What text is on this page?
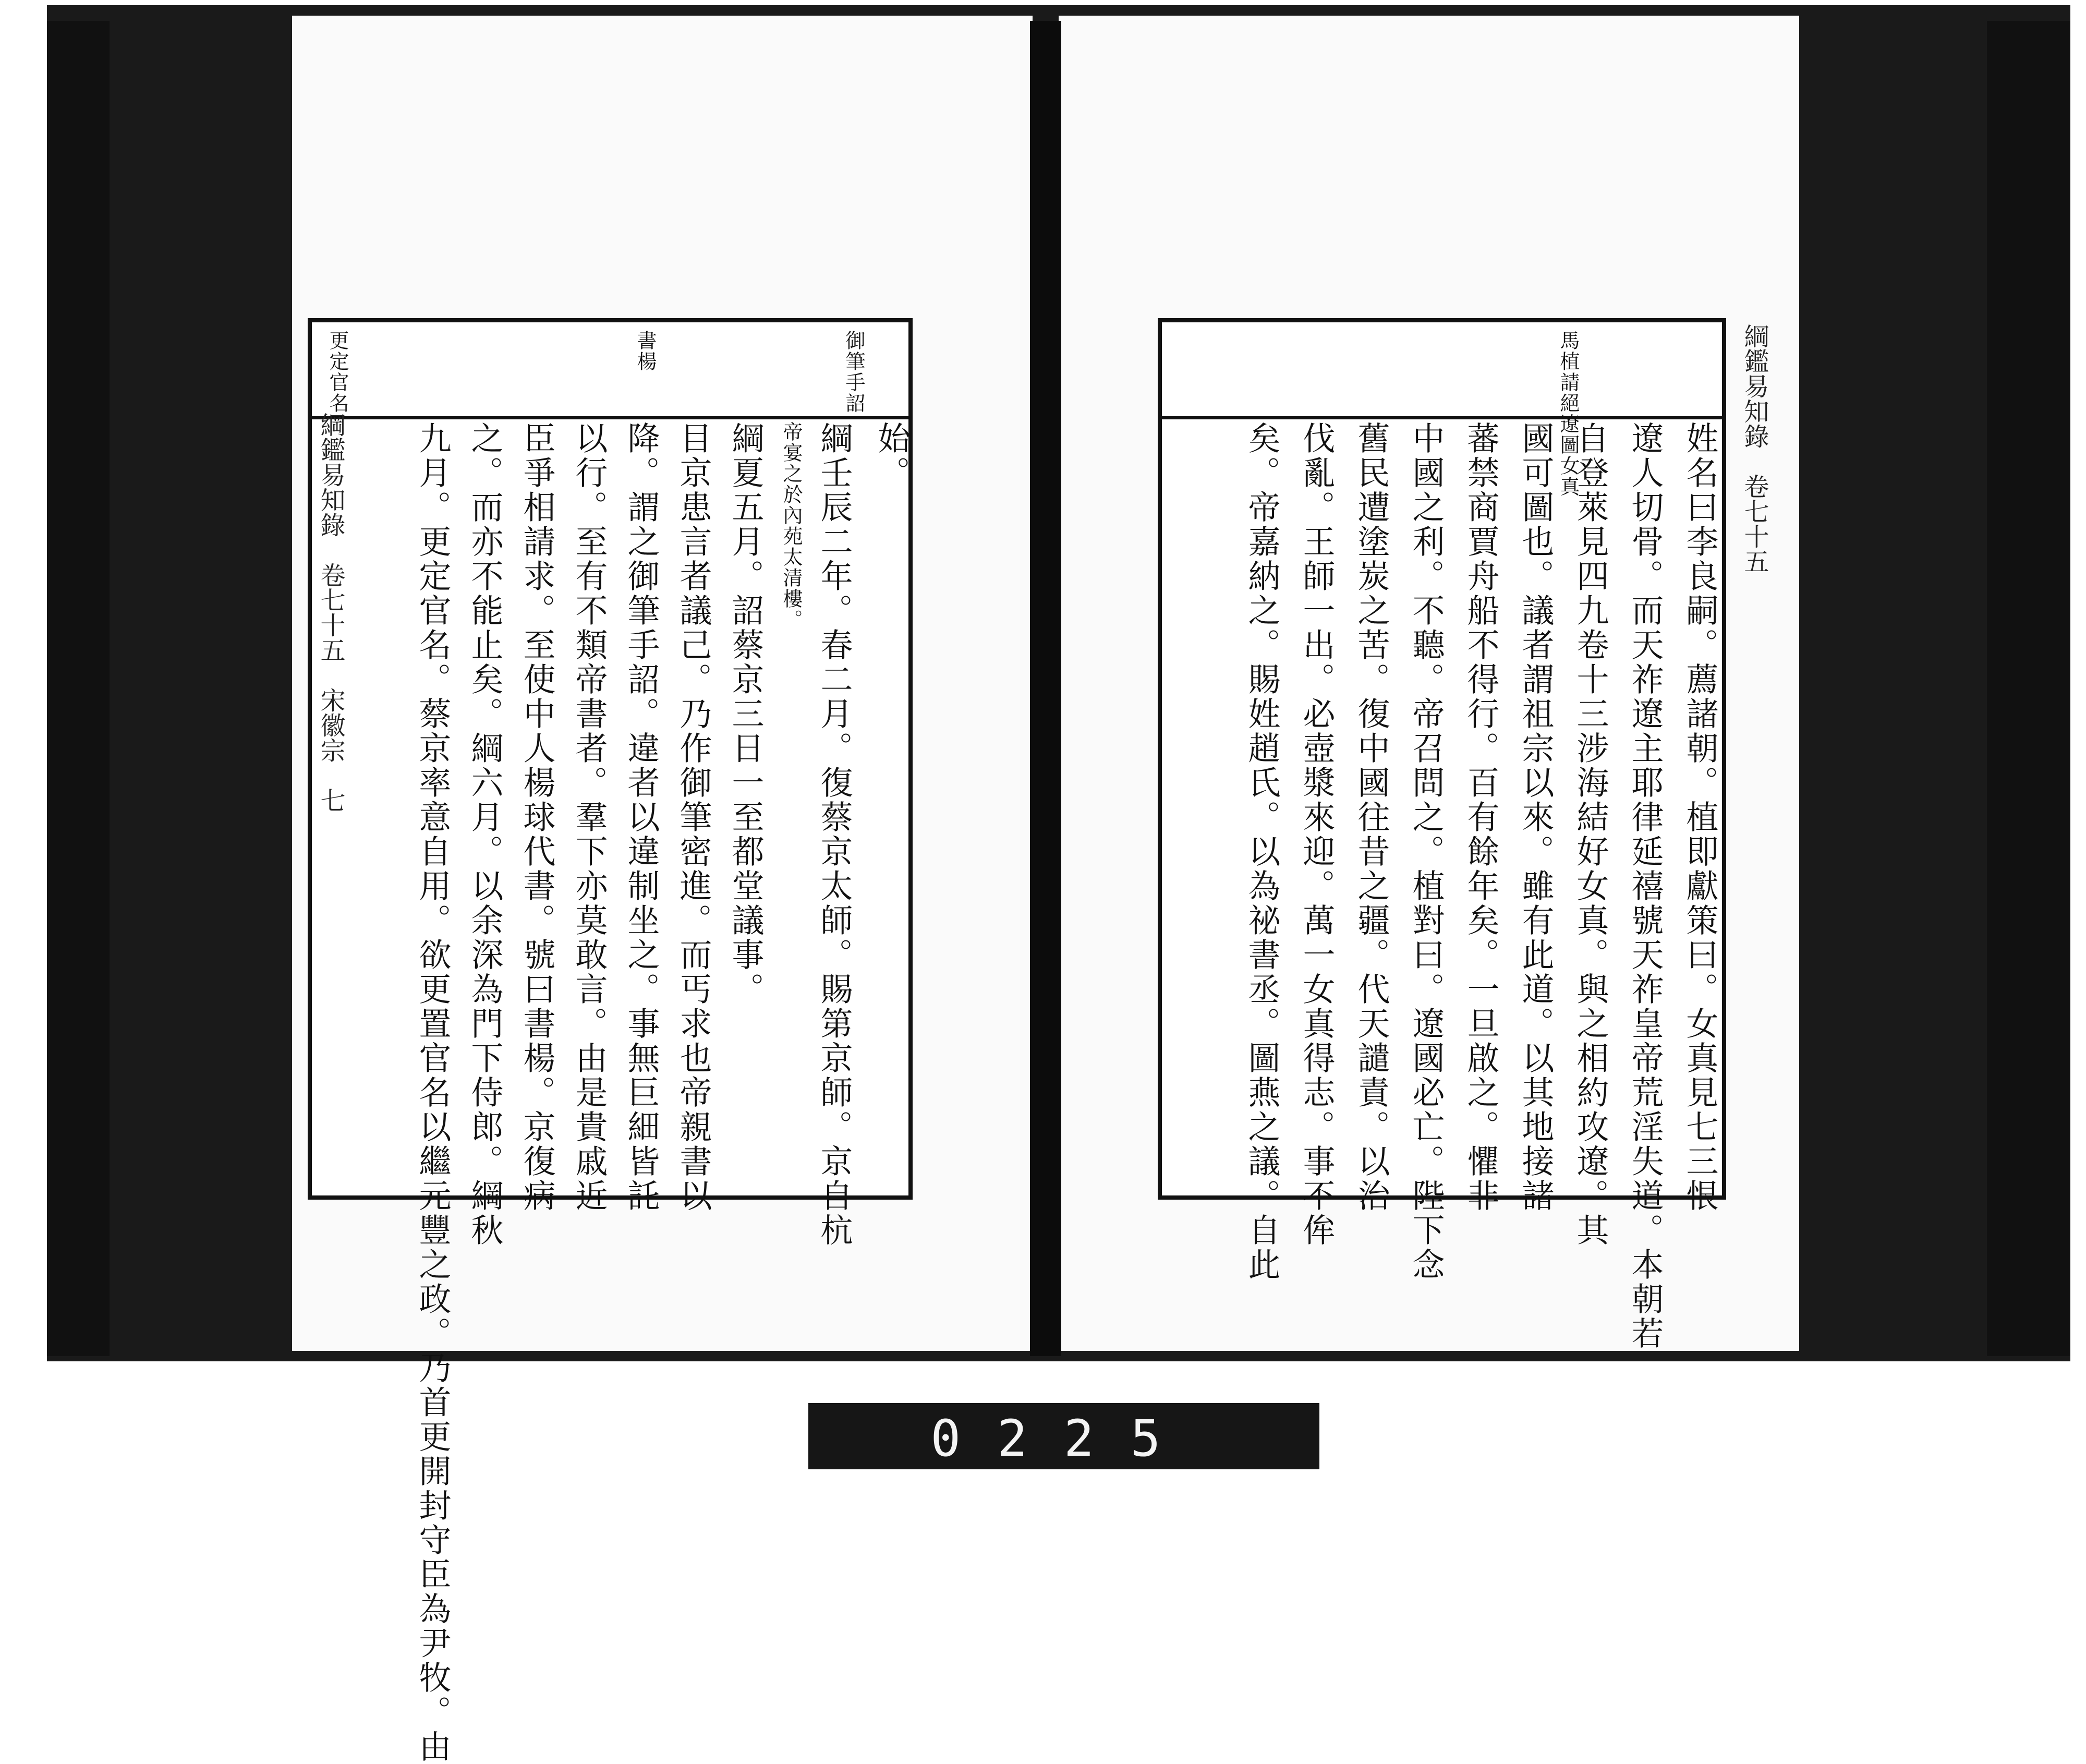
御筆手詔
書楊
更定官名
始。
綱壬辰二年。春二月。復蔡京太師。賜第京師。京自杭
帝宴之於內苑太清樓。
綱夏五月。詔蔡京三日一至都堂議事。
目京患言者議己。乃作御筆密進。而丐求也帝親書以
降。謂之御筆手詔。違者以違制坐之。事無巨細皆託
以行。至有不類帝書者。羣下亦莫敢言。由是貴戚近
臣爭相請求。至使中人楊球代書。號曰書楊。京復病
之。而亦不能止矣。綱六月。以余深為門下侍郎。綱秋
九月。更定官名。蔡京率意自用。欲更置官名以繼元豐之政。乃首更開封守臣為尹牧。由
綱鑑易知錄　卷七十五　宋徽宗　七	馬植請絕遼圖女真
姓名曰李良嗣。薦諸朝。植即獻策曰。女真見七三恨
遼人切骨。而天祚遼主耶律延禧號天祚皇帝荒淫失道。本朝若
自登萊見四九卷十三涉海結好女真。與之相約攻遼。其
國可圖也。議者謂祖宗以來。雖有此道。以其地接諸
蕃禁商賈舟船不得行。百有餘年矣。一旦啟之。懼非
中國之利。不聽。帝召問之。植對曰。遼國必亡。陛下念
舊民遭塗炭之苦。復中國往昔之疆。代天譴責。以治
伐亂。王師一出。必壺漿來迎。萬一女真得志。事不侔
矣。帝嘉納之。賜姓趙氏。以為祕書丞。圖燕之議。自此	綱鑑易知錄　卷七十五
0225
